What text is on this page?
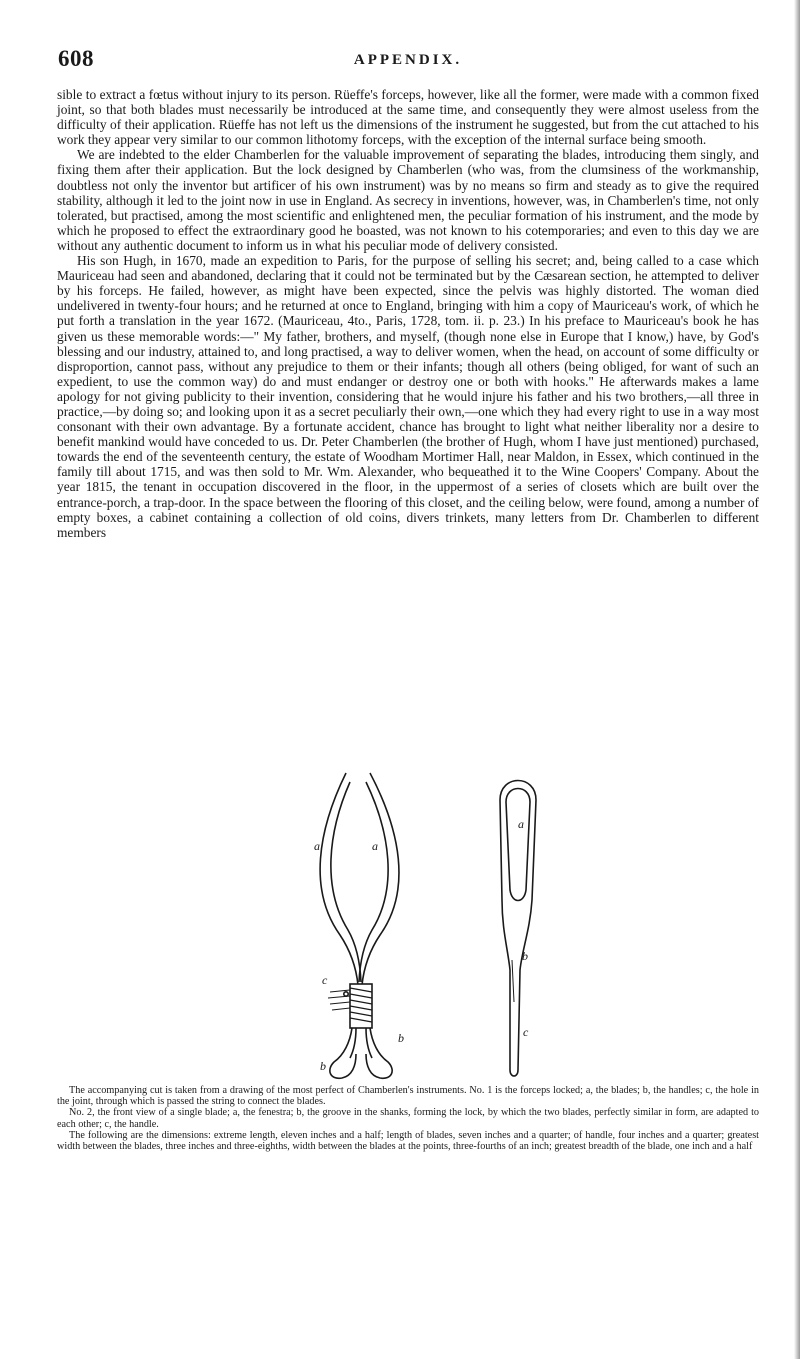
608	APPENDIX.

sible to extract a fœtus without injury to its person. Rüeffe's forceps, however, like all the former, were made with a common fixed joint, so that both blades must necessarily be introduced at the same time, and consequently they were almost useless from the difficulty of their application. Rüeffe has not left us the dimensions of the instrument he suggested, but from the cut attached to his work they appear very similar to our common lithotomy forceps, with the exception of the internal surface being smooth.

We are indebted to the elder Chamberlen for the valuable improvement of separating the blades, introducing them singly, and fixing them after their application. But the lock designed by Chamberlen (who was, from the clumsiness of the workmanship, doubtless not only the inventor but artificer of his own instrument) was by no means so firm and steady as to give the required stability, although it led to the joint now in use in England. As secrecy in inventions, however, was, in Chamberlen's time, not only tolerated, but practised, among the most scientific and enlightened men, the peculiar formation of his instrument, and the mode by which he proposed to effect the extraordinary good he boasted, was not known to his cotemporaries; and even to this day we are without any authentic document to inform us in what his peculiar mode of delivery consisted.

His son Hugh, in 1670, made an expedition to Paris, for the purpose of selling his secret; and, being called to a case which Mauriceau had seen and abandoned, declaring that it could not be terminated but by the Cæsarean section, he attempted to deliver by his forceps. He failed, however, as might have been expected, since the pelvis was highly distorted. The woman died undelivered in twenty-four hours; and he returned at once to England, bringing with him a copy of Mauriceau's work, of which he put forth a translation in the year 1672. (Mauriceau, 4to., Paris, 1728, tom. ii. p. 23.) In his preface to Mauriceau's book he has given us these memorable words:—" My father, brothers, and myself, (though none else in Europe that I know,) have, by God's blessing and our industry, attained to, and long practised, a way to deliver women, when the head, on account of some difficulty or disproportion, cannot pass, without any prejudice to them or their infants; though all others (being obliged, for want of such an expedient, to use the common way) do and must endanger or destroy one or both with hooks." He afterwards makes a lame apology for not giving publicity to their invention, considering that he would injure his father and his two brothers,—all three in practice,—by doing so; and looking upon it as a secret peculiarly their own,—one which they had every right to use in a way most consonant with their own advantage. By a fortunate accident, chance has brought to light what neither liberality nor a desire to benefit mankind would have conceded to us. Dr. Peter Chamberlen (the brother of Hugh, whom I have just mentioned) purchased, towards the end of the seventeenth century, the estate of Woodham Mortimer Hall, near Maldon, in Essex, which continued in the family till about 1715, and was then sold to Mr. Wm. Alexander, who bequeathed it to the Wine Coopers' Company. About the year 1815, the tenant in occupation discovered in the floor, in the uppermost of a series of closets which are built over the entrance-porch, a trap-door. In the space between the flooring of this closet, and the ceiling below, were found, among a number of empty boxes, a cabinet containing a collection of old coins, divers trinkets, many letters from Dr. Chamberlen to different members

a	a
c
b
b
a
b
c

The accompanying cut is taken from a drawing of the most perfect of Chamberlen's instruments. No. 1 is the forceps locked; a, the blades; b, the handles; c, the hole in the joint, through which is passed the string to connect the blades.

No. 2, the front view of a single blade; a, the fenestra; b, the groove in the shanks, forming the lock, by which the two blades, perfectly similar in form, are adapted to each other; c, the handle.

The following are the dimensions: extreme length, eleven inches and a half; length of blades, seven inches and a quarter; of handle, four inches and a quarter; greatest width between the blades, three inches and three-eighths, width between the blades at the points, three-fourths of an inch; greatest breadth of the blade, one inch and a half
